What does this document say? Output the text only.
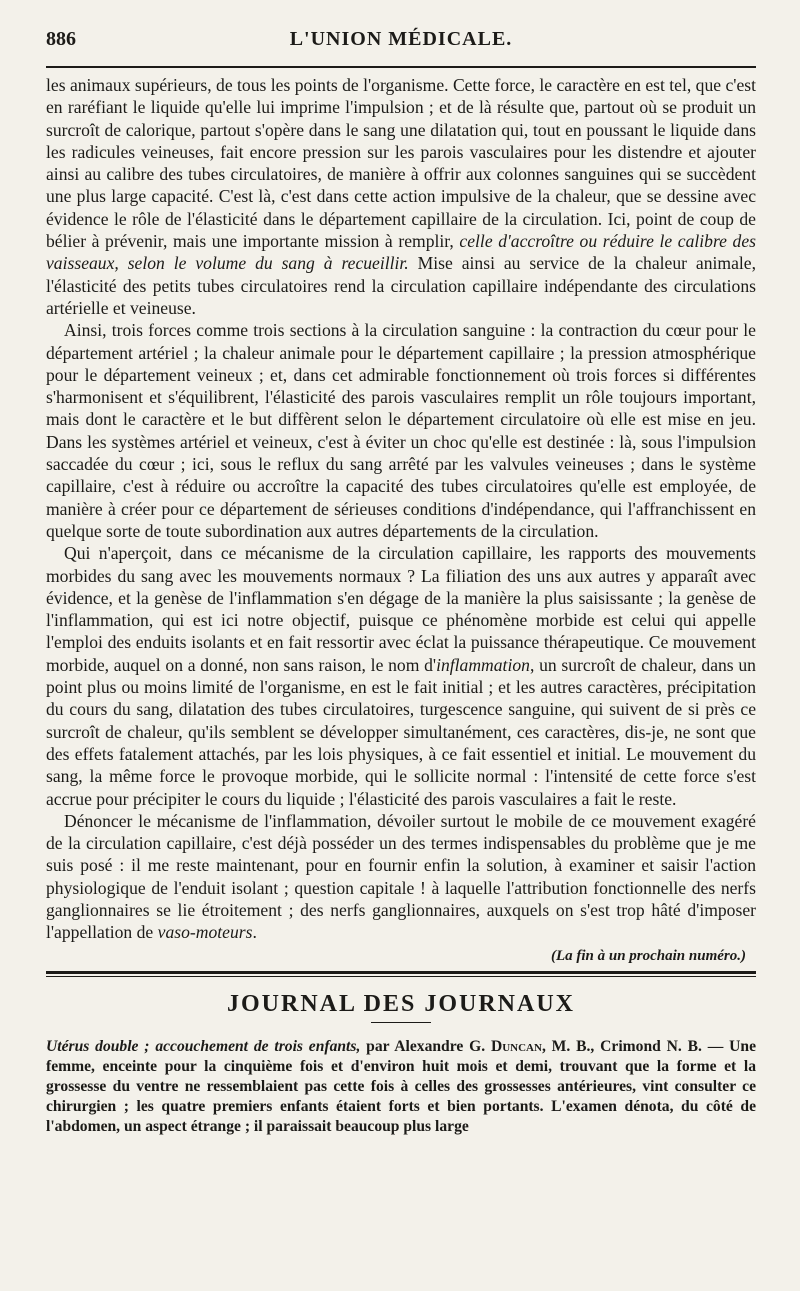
886	L'UNION MÉDICALE.

les animaux supérieurs, de tous les points de l'organisme. Cette force, le caractère en est tel, que c'est en raréfiant le liquide qu'elle lui imprime l'impulsion ; et de là résulte que, partout où se produit un surcroît de calorique, partout s'opère dans le sang une dilatation qui, tout en poussant le liquide dans les radicules veineuses, fait encore pression sur les parois vasculaires pour les distendre et ajouter ainsi au calibre des tubes circulatoires, de manière à offrir aux colonnes sanguines qui se succèdent une plus large capacité. C'est là, c'est dans cette action impulsive de la chaleur, que se dessine avec évidence le rôle de l'élasticité dans le département capillaire de la circulation. Ici, point de coup de bélier à prévenir, mais une importante mission à remplir, celle d'accroître ou réduire le calibre des vaisseaux, selon le volume du sang à recueillir. Mise ainsi au service de la chaleur animale, l'élasticité des petits tubes circulatoires rend la circulation capillaire indépendante des circulations artérielle et veineuse.

Ainsi, trois forces comme trois sections à la circulation sanguine : la contraction du cœur pour le département artériel ; la chaleur animale pour le département capillaire ; la pression atmosphérique pour le département veineux ; et, dans cet admirable fonctionnement où trois forces si différentes s'harmonisent et s'équilibrent, l'élasticité des parois vasculaires remplit un rôle toujours important, mais dont le caractère et le but diffèrent selon le département circulatoire où elle est mise en jeu. Dans les systèmes artériel et veineux, c'est à éviter un choc qu'elle est destinée : là, sous l'impulsion saccadée du cœur ; ici, sous le reflux du sang arrêté par les valvules veineuses ; dans le système capillaire, c'est à réduire ou accroître la capacité des tubes circulatoires qu'elle est employée, de manière à créer pour ce département de sérieuses conditions d'indépendance, qui l'affranchissent en quelque sorte de toute subordination aux autres départements de la circulation.

Qui n'aperçoit, dans ce mécanisme de la circulation capillaire, les rapports des mouvements morbides du sang avec les mouvements normaux ? La filiation des uns aux autres y apparaît avec évidence, et la genèse de l'inflammation s'en dégage de la manière la plus saisissante ; la genèse de l'inflammation, qui est ici notre objectif, puisque ce phénomène morbide est celui qui appelle l'emploi des enduits isolants et en fait ressortir avec éclat la puissance thérapeutique. Ce mouvement morbide, auquel on a donné, non sans raison, le nom d'inflammation, un surcroît de chaleur, dans un point plus ou moins limité de l'organisme, en est le fait initial ; et les autres caractères, précipitation du cours du sang, dilatation des tubes circulatoires, turgescence sanguine, qui suivent de si près ce surcroît de chaleur, qu'ils semblent se développer simultanément, ces caractères, dis-je, ne sont que des effets fatalement attachés, par les lois physiques, à ce fait essentiel et initial. Le mouvement du sang, la même force le provoque morbide, qui le sollicite normal : l'intensité de cette force s'est accrue pour précipiter le cours du liquide ; l'élasticité des parois vasculaires a fait le reste.

Dénoncer le mécanisme de l'inflammation, dévoiler surtout le mobile de ce mouvement exagéré de la circulation capillaire, c'est déjà posséder un des termes indispensables du problème que je me suis posé : il me reste maintenant, pour en fournir enfin la solution, à examiner et saisir l'action physiologique de l'enduit isolant ; question capitale ! à laquelle l'attribution fonctionnelle des nerfs ganglionnaires se lie étroitement ; des nerfs ganglionnaires, auxquels on s'est trop hâté d'imposer l'appellation de vaso-moteurs.

(La fin à un prochain numéro.)
JOURNAL DES JOURNAUX
Utérus double ; accouchement de trois enfants, par Alexandre G. Duncan, M. B., Crimond N. B. — Une femme, enceinte pour la cinquième fois et d'environ huit mois et demi, trouvant que la forme et la grossesse du ventre ne ressemblaient pas cette fois à celles des grossesses antérieures, vint consulter ce chirurgien ; les quatre premiers enfants étaient forts et bien portants. L'examen dénota, du côté de l'abdomen, un aspect étrange ; il paraissait beaucoup plus large
